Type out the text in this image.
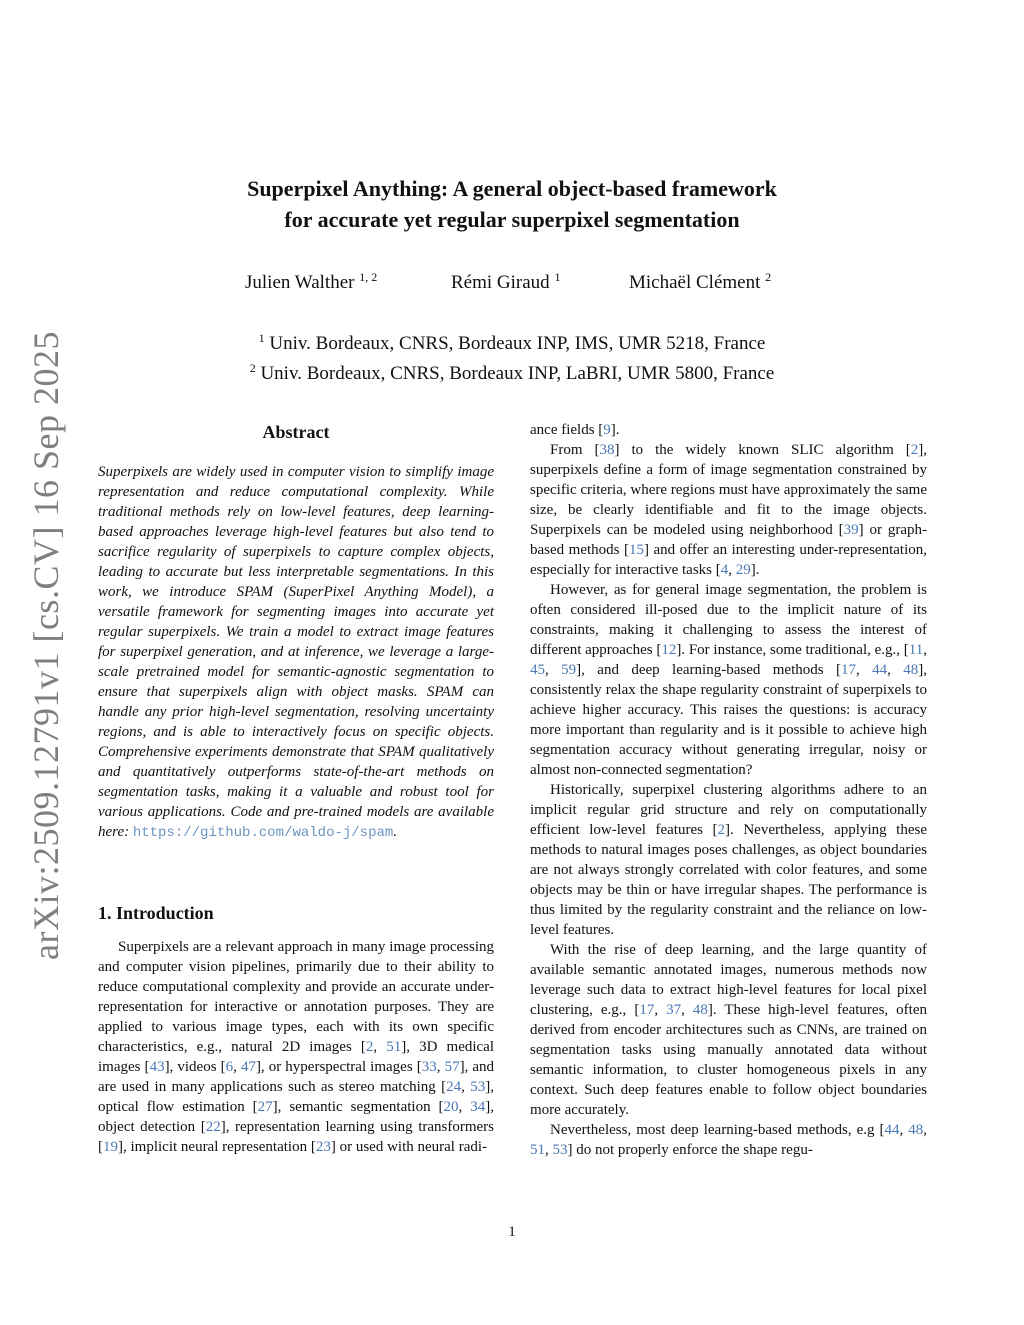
arXiv:2509.12791v1 [cs.CV] 16 Sep 2025
Superpixel Anything: A general object-based framework
for accurate yet regular superpixel segmentation
Julien Walther $^{1, 2}$	Rémi Giraud $^1$	Michaël Clément $^2$
$^1$ Univ. Bordeaux, CNRS, Bordeaux INP, IMS, UMR 5218, France
$^2$ Univ. Bordeaux, CNRS, Bordeaux INP, LaBRI, UMR 5800, France
Abstract

Superpixels are widely used in computer vision to simplify image representation and reduce computational complexity. While traditional methods rely on low-level features, deep learning-based approaches leverage high-level features but also tend to sacrifice regularity of superpixels to capture complex objects, leading to accurate but less interpretable segmentations. In this work, we introduce SPAM (SuperPixel Anything Model), a versatile framework for segmenting images into accurate yet regular superpixels. We train a model to extract image features for superpixel generation, and at inference, we leverage a large-scale pretrained model for semantic-agnostic segmentation to ensure that superpixels align with object masks. SPAM can handle any prior high-level segmentation, resolving uncertainty regions, and is able to interactively focus on specific objects. Comprehensive experiments demonstrate that SPAM qualitatively and quantitatively outperforms state-of-the-art methods on segmentation tasks, making it a valuable and robust tool for various applications. Code and pre-trained models are available here: https://github.com/waldo-j/spam.

1. Introduction

Superpixels are a relevant approach in many image processing and computer vision pipelines, primarily due to their ability to reduce computational complexity and provide an accurate under-representation for interactive or annotation purposes. They are applied to various image types, each with its own specific characteristics, e.g., natural 2D images [2, 51], 3D medical images [43], videos [6, 47], or hyperspectral images [33, 57], and are used in many applications such as stereo matching [24, 53], optical flow estimation [27], semantic segmentation [20, 34], object detection [22], representation learning using transformers [19], implicit neural representation [23] or used with neural radi-

ance fields [9].

From [38] to the widely known SLIC algorithm [2], superpixels define a form of image segmentation constrained by specific criteria, where regions must have approximately the same size, be clearly identifiable and fit to the image objects. Superpixels can be modeled using neighborhood [39] or graph-based methods [15] and offer an interesting under-representation, especially for interactive tasks [4, 29].

However, as for general image segmentation, the problem is often considered ill-posed due to the implicit nature of its constraints, making it challenging to assess the interest of different approaches [12]. For instance, some traditional, e.g., [11, 45, 59], and deep learning-based methods [17, 44, 48], consistently relax the shape regularity constraint of superpixels to achieve higher accuracy. This raises the questions: is accuracy more important than regularity and is it possible to achieve high segmentation accuracy without generating irregular, noisy or almost non-connected segmentation?

Historically, superpixel clustering algorithms adhere to an implicit regular grid structure and rely on computationally efficient low-level features [2]. Nevertheless, applying these methods to natural images poses challenges, as object boundaries are not always strongly correlated with color features, and some objects may be thin or have irregular shapes. The performance is thus limited by the regularity constraint and the reliance on low-level features.

With the rise of deep learning, and the large quantity of available semantic annotated images, numerous methods now leverage such data to extract high-level features for local pixel clustering, e.g., [17, 37, 48]. These high-level features, often derived from encoder architectures such as CNNs, are trained on segmentation tasks using manually annotated data without semantic information, to cluster homogeneous pixels in any context. Such deep features enable to follow object boundaries more accurately.

Nevertheless, most deep learning-based methods, e.g [44, 48, 51, 53] do not properly enforce the shape regu-

1
